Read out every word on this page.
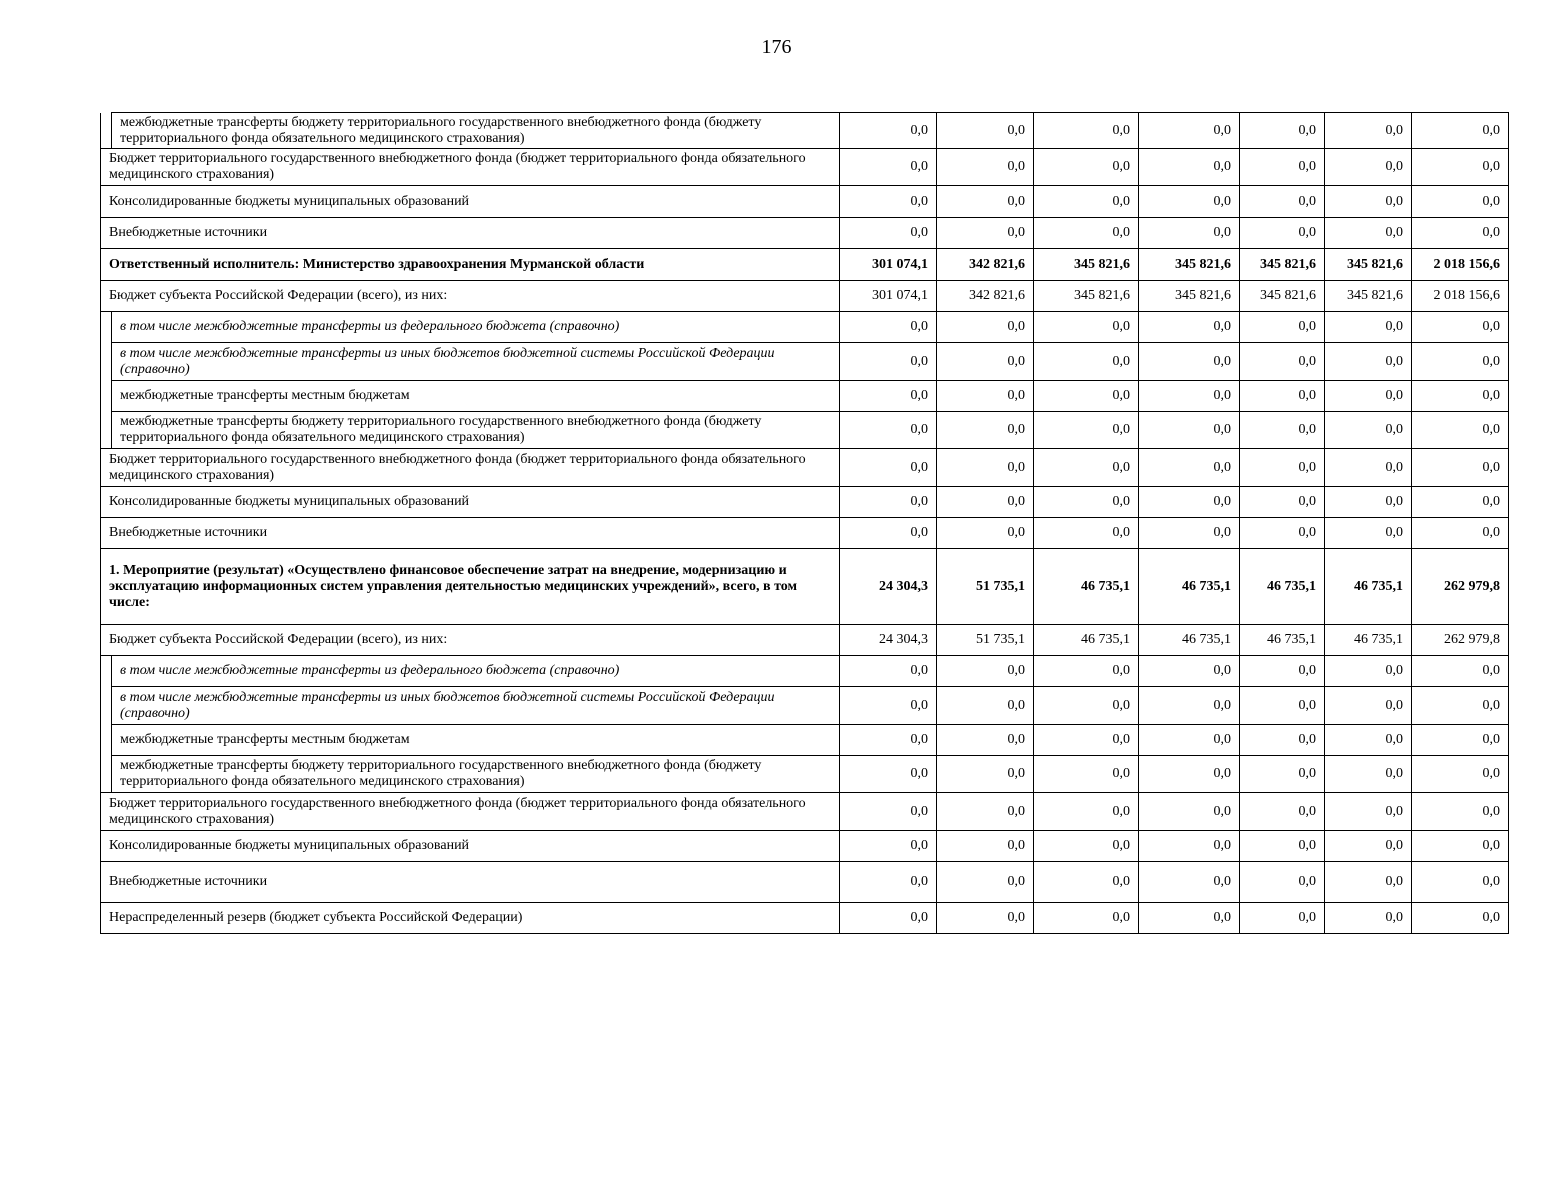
176
	межбюджетные трансферты бюджету территориального государственного внебюджетного фонда (бюджету территориального фонда обязательного медицинского страхования)	0,0	0,0	0,0	0,0	0,0	0,0	0,0
Бюджет территориального государственного внебюджетного фонда (бюджет территориального фонда обязательного медицинского страхования)		0,0	0,0	0,0	0,0	0,0	0,0	0,0
Консолидированные бюджеты муниципальных образований		0,0	0,0	0,0	0,0	0,0	0,0	0,0
Внебюджетные источники		0,0	0,0	0,0	0,0	0,0	0,0	0,0
Ответственный исполнитель: Министерство здравоохранения Мурманской области		301 074,1	342 821,6	345 821,6	345 821,6	345 821,6	345 821,6	2 018 156,6
Бюджет субъекта Российской Федерации (всего), из них:		301 074,1	342 821,6	345 821,6	345 821,6	345 821,6	345 821,6	2 018 156,6
	в том числе межбюджетные трансферты из федерального бюджета (справочно)	0,0	0,0	0,0	0,0	0,0	0,0	0,0
	в том числе межбюджетные трансферты из иных бюджетов бюджетной системы Российской Федерации (справочно)	0,0	0,0	0,0	0,0	0,0	0,0	0,0
	межбюджетные трансферты местным бюджетам	0,0	0,0	0,0	0,0	0,0	0,0	0,0
	межбюджетные трансферты бюджету территориального государственного внебюджетного фонда (бюджету территориального фонда обязательного медицинского страхования)	0,0	0,0	0,0	0,0	0,0	0,0	0,0
Бюджет территориального государственного внебюджетного фонда (бюджет территориального фонда обязательного медицинского страхования)		0,0	0,0	0,0	0,0	0,0	0,0	0,0
Консолидированные бюджеты муниципальных образований		0,0	0,0	0,0	0,0	0,0	0,0	0,0
Внебюджетные источники		0,0	0,0	0,0	0,0	0,0	0,0	0,0
1. Мероприятие (результат) «Осуществлено финансовое обеспечение затрат на внедрение, модернизацию и эксплуатацию информационных систем управления деятельностью медицинских учреждений», всего, в том числе:		24 304,3	51 735,1	46 735,1	46 735,1	46 735,1	46 735,1	262 979,8
Бюджет субъекта Российской Федерации (всего), из них:		24 304,3	51 735,1	46 735,1	46 735,1	46 735,1	46 735,1	262 979,8
	в том числе межбюджетные трансферты из федерального бюджета (справочно)	0,0	0,0	0,0	0,0	0,0	0,0	0,0
	в том числе межбюджетные трансферты из иных бюджетов бюджетной системы Российской Федерации (справочно)	0,0	0,0	0,0	0,0	0,0	0,0	0,0
	межбюджетные трансферты местным бюджетам	0,0	0,0	0,0	0,0	0,0	0,0	0,0
	межбюджетные трансферты бюджету территориального государственного внебюджетного фонда (бюджету территориального фонда обязательного медицинского страхования)	0,0	0,0	0,0	0,0	0,0	0,0	0,0
Бюджет территориального государственного внебюджетного фонда (бюджет территориального фонда обязательного медицинского страхования)		0,0	0,0	0,0	0,0	0,0	0,0	0,0
Консолидированные бюджеты муниципальных образований		0,0	0,0	0,0	0,0	0,0	0,0	0,0
Внебюджетные источники		0,0	0,0	0,0	0,0	0,0	0,0	0,0
Нераспределенный резерв (бюджет субъекта Российской Федерации)		0,0	0,0	0,0	0,0	0,0	0,0	0,0
